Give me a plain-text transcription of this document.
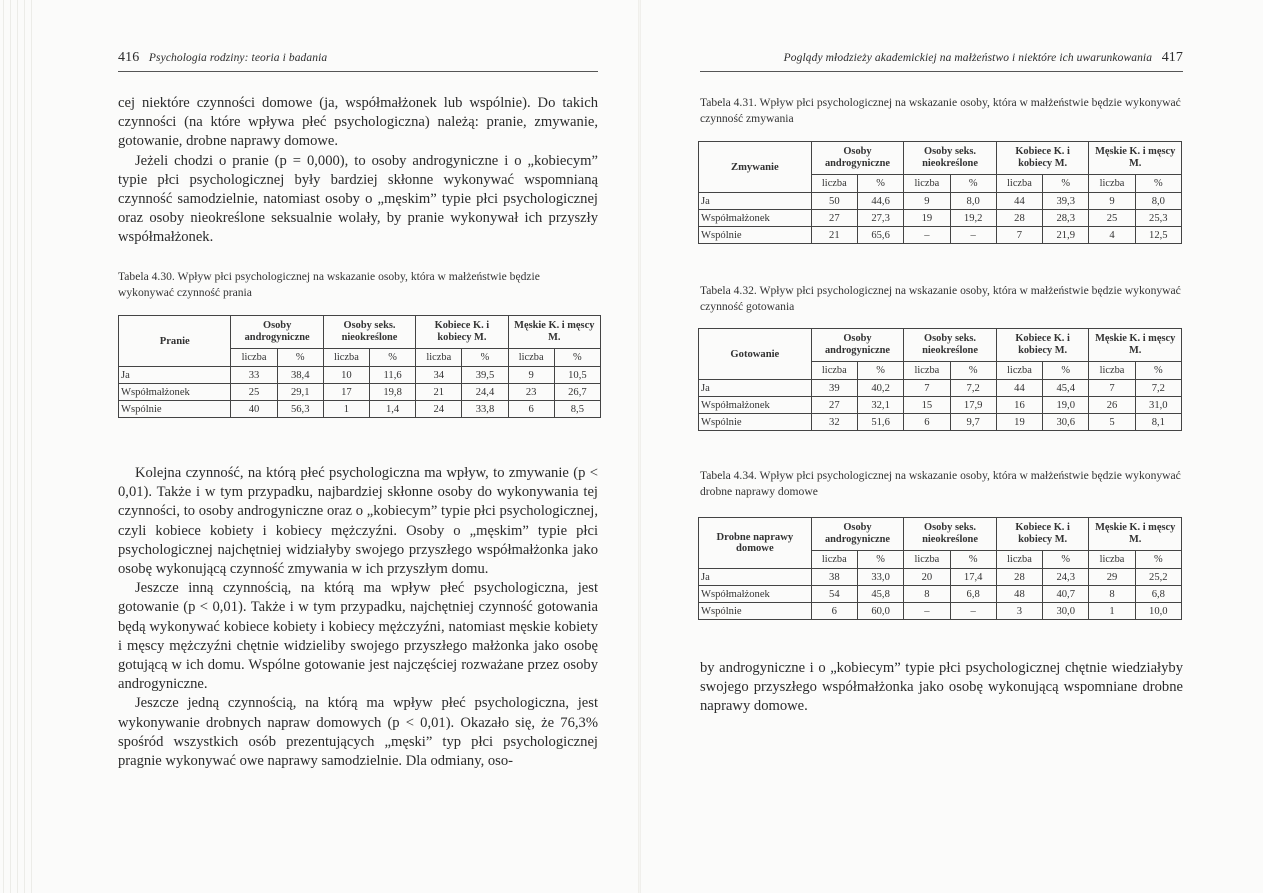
416 Psychologia rodziny: teoria i badania

cej niektóre czynności domowe (ja, współmałżonek lub wspólnie). Do takich czynności (na które wpływa płeć psychologiczna) należą: pranie, zmywanie, gotowanie, drobne naprawy domowe.

Jeżeli chodzi o pranie (p = 0,000), to osoby androgyniczne i o „kobiecym” typie płci psychologicznej były bardziej skłonne wykonywać wspomnianą czynność samodzielnie, natomiast osoby o „męskim” typie płci psychologicznej oraz osoby nieokreślone seksualnie wolały, by pranie wykonywał ich przyszły współmałżonek.

Tabela 4.30. Wpływ płci psychologicznej na wskazanie osoby, która w małżeństwie będzie wykonywać czynność prania
Pranie	Osoby androgyniczne		Osoby seks. nieokreślone		Kobiece K. i kobiecy M.		Męskie K. i męscy M.	
	liczba	%	liczba	%	liczba	%	liczba	%
Ja	33	38,4	10	11,6	34	39,5	9	10,5
Współmałżonek	25	29,1	17	19,8	21	24,4	23	26,7
Wspólnie	40	56,3	1	1,4	24	33,8	6	8,5

Kolejna czynność, na którą płeć psychologiczna ma wpływ, to zmywanie (p < 0,01). Także i w tym przypadku, najbardziej skłonne osoby do wykonywania tej czynności, to osoby androgyniczne oraz o „kobiecym” typie płci psychologicznej, czyli kobiece kobiety i kobiecy mężczyźni. Osoby o „męskim” typie płci psychologicznej najchętniej widziałyby swojego przyszłego współmałżonka jako osobę wykonującą czynność zmywania w ich przyszłym domu.

Jeszcze inną czynnością, na którą ma wpływ płeć psychologiczna, jest gotowanie (p < 0,01). Także i w tym przypadku, najchętniej czynność gotowania będą wykonywać kobiece kobiety i kobiecy mężczyźni, natomiast męskie kobiety i męscy mężczyźni chętnie widzieliby swojego przyszłego małżonka jako osobę gotującą w ich domu. Wspólne gotowanie jest najczęściej rozważane przez osoby androgyniczne.

Jeszcze jedną czynnością, na którą ma wpływ płeć psychologiczna, jest wykonywanie drobnych napraw domowych (p < 0,01). Okazało się, że 76,3% spośród wszystkich osób prezentujących „męski” typ płci psychologicznej pragnie wykonywać owe naprawy samodzielnie. Dla odmiany, oso-

Poglądy młodzieży akademickiej na małżeństwo i niektóre ich uwarunkowania 417
Tabela 4.31. Wpływ płci psychologicznej na wskazanie osoby, która w małżeństwie będzie wykonywać czynność zmywania
Zmywanie	Osoby androgyniczne		Osoby seks. nieokreślone		Kobiece K. i kobiecy M.		Męskie K. i męscy M.	
	liczba	%	liczba	%	liczba	%	liczba	%
Ja	50	44,6	9	8,0	44	39,3	9	8,0
Współmałżonek	27	27,3	19	19,2	28	28,3	25	25,3
Wspólnie	21	65,6	–	–	7	21,9	4	12,5
Tabela 4.32. Wpływ płci psychologicznej na wskazanie osoby, która w małżeństwie będzie wykonywać czynność gotowania
Gotowanie	Osoby androgyniczne		Osoby seks. nieokreślone		Kobiece K. i kobiecy M.		Męskie K. i męscy M.	
	liczba	%	liczba	%	liczba	%	liczba	%
Ja	39	40,2	7	7,2	44	45,4	7	7,2
Współmałżonek	27	32,1	15	17,9	16	19,0	26	31,0
Wspólnie	32	51,6	6	9,7	19	30,6	5	8,1
Tabela 4.34. Wpływ płci psychologicznej na wskazanie osoby, która w małżeństwie będzie wykonywać drobne naprawy domowe
Drobne naprawy domowe	Osoby androgyniczne		Osoby seks. nieokreślone		Kobiece K. i kobiecy M.		Męskie K. i męscy M.	
	liczba	%	liczba	%	liczba	%	liczba	%
Ja	38	33,0	20	17,4	28	24,3	29	25,2
Współmałżonek	54	45,8	8	6,8	48	40,7	8	6,8
Wspólnie	6	60,0	–	–	3	30,0	1	10,0

by androgyniczne i o „kobiecym” typie płci psychologicznej chętnie wiedziałyby swojego przyszłego współmałżonka jako osobę wykonującą wspomniane drobne naprawy domowe.
